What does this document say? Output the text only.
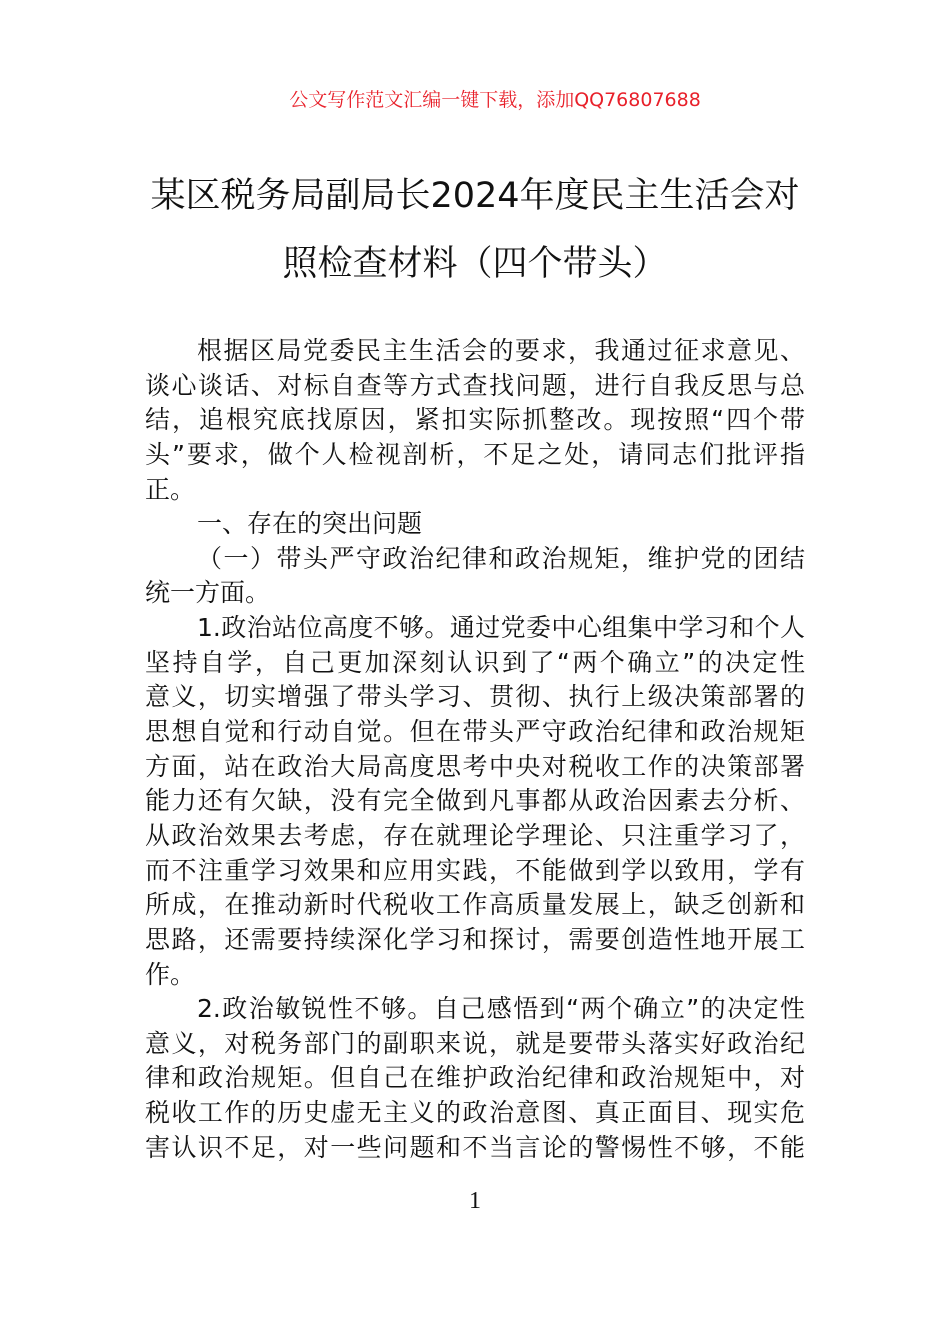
公文写作范文汇编一键下载，添加QQ76807688
某区税务局副局长2024年度民主生活会对
照检查材料（四个带头）
根据区局党委民主生活会的要求，我通过征求意见、
谈心谈话、对标自查等方式查找问题，进行自我反思与总
结，追根究底找原因，紧扣实际抓整改。现按照“四个带
头”要求，做个人检视剖析，不足之处，请同志们批评指
正。
一、存在的突出问题
（一）带头严守政治纪律和政治规矩，维护党的团结
统一方面。
1.政治站位高度不够。通过党委中心组集中学习和个人
坚持自学，自己更加深刻认识到了“两个确立”的决定性
意义，切实增强了带头学习、贯彻、执行上级决策部署的
思想自觉和行动自觉。但在带头严守政治纪律和政治规矩
方面，站在政治大局高度思考中央对税收工作的决策部署
能力还有欠缺，没有完全做到凡事都从政治因素去分析、
从政治效果去考虑，存在就理论学理论、只注重学习了，
而不注重学习效果和应用实践，不能做到学以致用，学有
所成，在推动新时代税收工作高质量发展上，缺乏创新和
思路，还需要持续深化学习和探讨，需要创造性地开展工
作。
2.政治敏锐性不够。自己感悟到“两个确立”的决定性
意义，对税务部门的副职来说，就是要带头落实好政治纪
律和政治规矩。但自己在维护政治纪律和政治规矩中，对
税收工作的历史虚无主义的政治意图、真正面目、现实危
害认识不足，对一些问题和不当言论的警惕性不够，不能
1
